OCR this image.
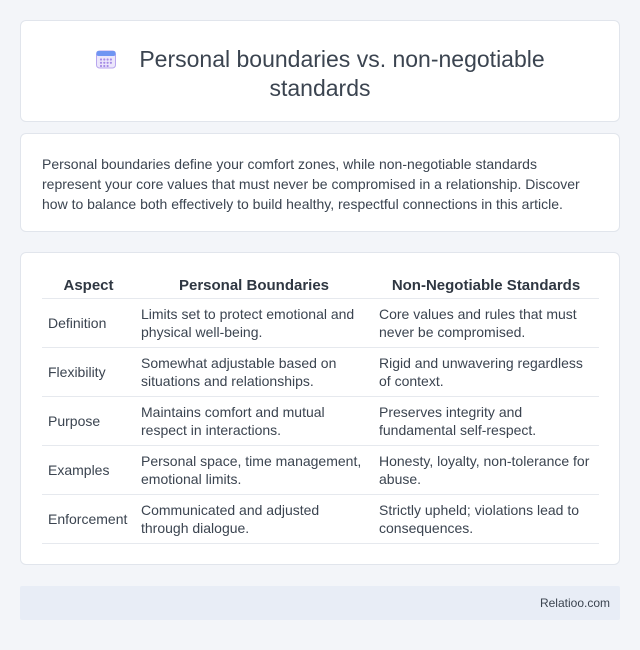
Personal boundaries vs. non-negotiable
standards

Personal boundaries define your comfort zones, while non-negotiable standards represent your core values that must never be compromised in a relationship. Discover how to balance both effectively to build healthy, respectful connections in this article.

Aspect	Personal Boundaries	Non-Negotiable Standards
Definition	Limits set to protect emotional and physical well-being.	Core values and rules that must never be compromised.
Flexibility	Somewhat adjustable based on situations and relationships.	Rigid and unwavering regardless of context.
Purpose	Maintains comfort and mutual respect in interactions.	Preserves integrity and fundamental self-respect.
Examples	Personal space, time management, emotional limits.	Honesty, loyalty, non-tolerance for abuse.
Enforcement	Communicated and adjusted through dialogue.	Strictly upheld; violations lead to consequences.
Relatioo.com
